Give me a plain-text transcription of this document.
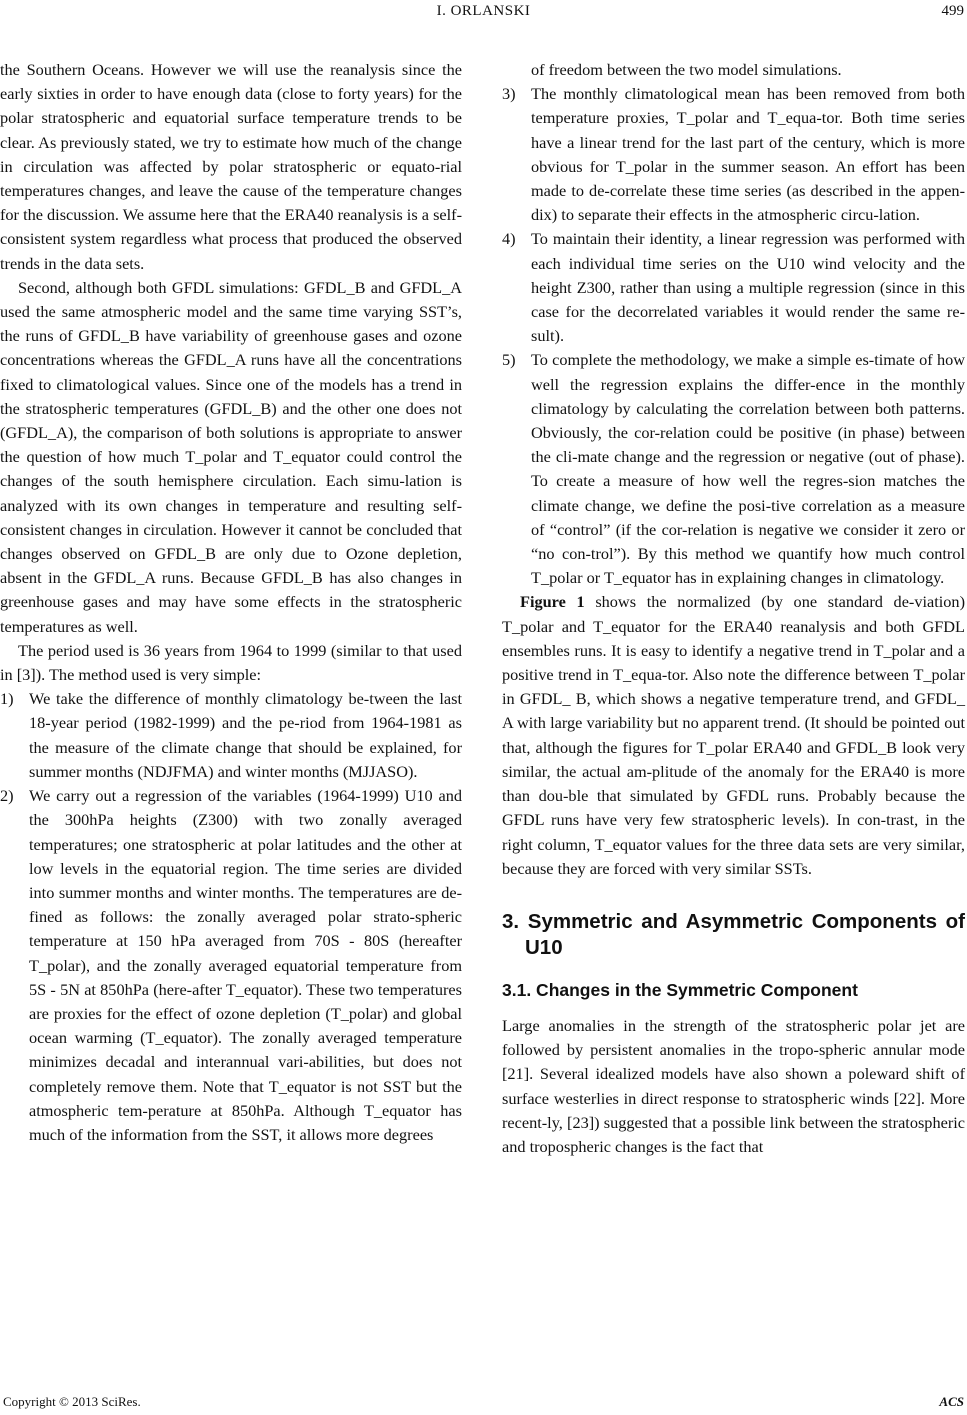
I. ORLANSKI	499

the Southern Oceans. However we will use the reanalysis since the early sixties in order to have enough data (close to forty years) for the polar stratospheric and equatorial surface temperature trends to be clear. As previously stated, we try to estimate how much of the change in circulation was affected by polar stratospheric or equato-rial temperatures changes, and leave the cause of the temperature changes for the discussion. We assume here that the ERA40 reanalysis is a self-consistent system regardless what process that produced the observed trends in the data sets.

Second, although both GFDL simulations: GFDL_B and GFDL_A used the same atmospheric model and the same time varying SST’s, the runs of GFDL_B have variability of greenhouse gases and ozone concentrations whereas the GFDL_A runs have all the concentrations fixed to climatological values. Since one of the models has a trend in the stratospheric temperatures (GFDL_B) and the other one does not (GFDL_A), the comparison of both solutions is appropriate to answer the question of how much T_polar and T_equator could control the changes of the south hemisphere circulation. Each simu-lation is analyzed with its own changes in temperature and resulting self-consistent changes in circulation. However it cannot be concluded that changes observed on GFDL_B are only due to Ozone depletion, absent in the GFDL_A runs. Because GFDL_B has also changes in greenhouse gases and may have some effects in the stratospheric temperatures as well.

The period used is 36 years from 1964 to 1999 (similar to that used in [3]). The method used is very simple:

1) We take the difference of monthly climatology be-tween the last 18-year period (1982-1999) and the pe-riod from 1964-1981 as the measure of the climate change that should be explained, for summer months (NDJFMA) and winter months (MJJASO).

2) We carry out a regression of the variables (1964-1999) U10 and the 300hPa heights (Z300) with two zonally averaged temperatures; one stratospheric at polar latitudes and the other at low levels in the equatorial region. The time series are divided into summer months and winter months. The temperatures are de-fined as follows: the zonally averaged polar strato-spheric temperature at 150 hPa averaged from 70S - 80S (hereafter T_polar), and the zonally averaged equatorial temperature from 5S - 5N at 850hPa (here-after T_equator). These two temperatures are proxies for the effect of ozone depletion (T_polar) and global ocean warming (T_equator). The zonally averaged temperature minimizes decadal and interannual vari-abilities, but does not completely remove them. Note that T_equator is not SST but the atmospheric tem-perature at 850hPa. Although T_equator has much of the information from the SST, it allows more degrees

of freedom between the two model simulations.

3) The monthly climatological mean has been removed from both temperature proxies, T_polar and T_equa-tor. Both time series have a linear trend for the last part of the century, which is more obvious for T_polar in the summer season. An effort has been made to de-correlate these time series (as described in the appen-dix) to separate their effects in the atmospheric circu-lation.

4) To maintain their identity, a linear regression was performed with each individual time series on the U10 wind velocity and the height Z300, rather than using a multiple regression (since in this case for the decorrelated variables it would render the same re-sult).

5) To complete the methodology, we make a simple es-timate of how well the regression explains the differ-ence in the monthly climatology by calculating the correlation between both patterns. Obviously, the cor-relation could be positive (in phase) between the cli-mate change and the regression or negative (out of phase). To create a measure of how well the regres-sion matches the climate change, we define the posi-tive correlation as a measure of “control” (if the cor-relation is negative we consider it zero or “no con-trol”). By this method we quantify how much control T_polar or T_equator has in explaining changes in climatology.

Figure 1 shows the normalized (by one standard de-viation) T_polar and T_equator for the ERA40 reanalysis and both GFDL ensembles runs. It is easy to identify a negative trend in T_polar and a positive trend in T_equa-tor. Also note the difference between T_polar in GFDL_ B, which shows a negative temperature trend, and GFDL_ A with large variability but no apparent trend. (It should be pointed out that, although the figures for T_polar ERA40 and GFDL_B look very similar, the actual am-plitude of the anomaly for the ERA40 is more than dou-ble that simulated by GFDL runs. Probably because the GFDL runs have very few stratospheric levels). In con-trast, in the right column, T_equator values for the three data sets are very similar, because they are forced with very similar SSTs.

3. Symmetric and Asymmetric Components of U10
3.1. Changes in the Symmetric Component

Large anomalies in the strength of the stratospheric polar jet are followed by persistent anomalies in the tropo-spheric annular mode [21]. Several idealized models have also shown a poleward shift of surface westerlies in direct response to stratospheric winds [22]. More recent-ly, [23]) suggested that a possible link between the stratospheric and tropospheric changes is the fact that

Copyright © 2013 SciRes.	ACS
